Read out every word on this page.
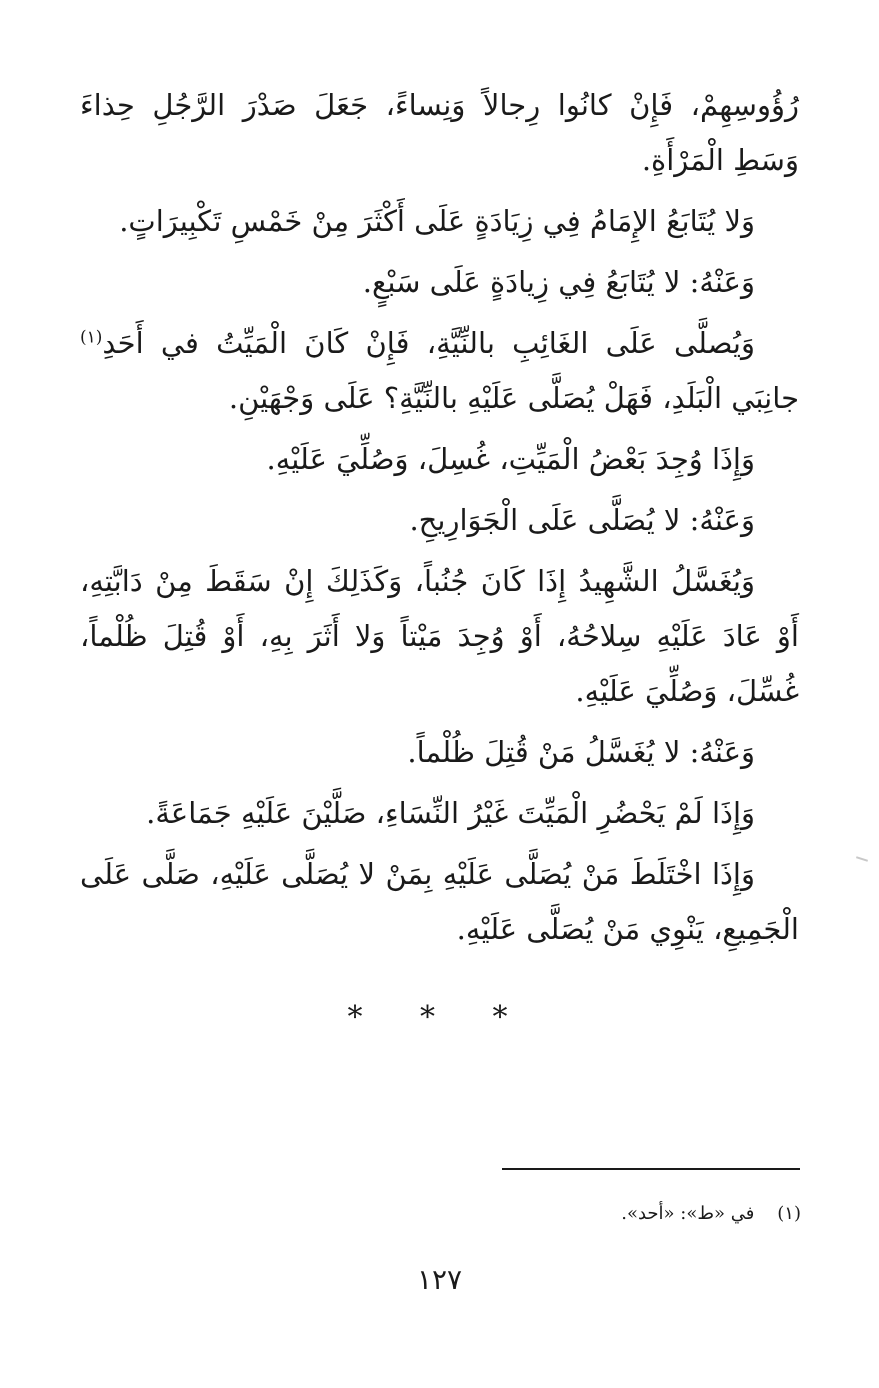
رُؤُوسِهِمْ، فَإِنْ كانُوا رِجالاً وَنِساءً، جَعَلَ صَدْرَ الرَّجُلِ حِذاءَ وَسَطِ الْمَرْأَةِ.

وَلا يُتَابَعُ الإِمَامُ فِي زِيَادَةٍ عَلَى أَكْثَرَ مِنْ خَمْسِ تَكْبِيرَاتٍ.

وَعَنْهُ: لا يُتَابَعُ فِي زِيادَةٍ عَلَى سَبْعٍ.

وَيُصلَّى عَلَى الغَائِبِ بالنِّيَّةِ، فَإِنْ كَانَ الْمَيِّتُ في أَحَدِ$^{(١)}$ جانِبَي الْبَلَدِ، فَهَلْ يُصَلَّى عَلَيْهِ بالنِّيَّةِ؟ عَلَى وَجْهَيْنِ.

وَإِذَا وُجِدَ بَعْضُ الْمَيِّتِ، غُسِلَ، وَصُلِّيَ عَلَيْهِ.

وَعَنْهُ: لا يُصَلَّى عَلَى الْجَوَارِيحِ.

وَيُغَسَّلُ الشَّهِيدُ إِذَا كَانَ جُنُباً، وَكَذَلِكَ إِنْ سَقَطَ مِنْ دَابَّتِهِ، أَوْ عَادَ عَلَيْهِ سِلاحُهُ، أَوْ وُجِدَ مَيْتاً وَلا أَثَرَ بِهِ، أَوْ قُتِلَ ظُلْماً، غُسِّلَ، وَصُلِّيَ عَلَيْهِ.

وَعَنْهُ: لا يُغَسَّلُ مَنْ قُتِلَ ظُلْماً.

وَإِذَا لَمْ يَحْضُرِ الْمَيِّتَ غَيْرُ النِّسَاءِ، صَلَّيْنَ عَلَيْهِ جَمَاعَةً.

وَإِذَا اخْتَلَطَ مَنْ يُصَلَّى عَلَيْهِ بِمَنْ لا يُصَلَّى عَلَيْهِ، صَلَّى عَلَى الْجَمِيعِ، يَنْوِي مَنْ يُصَلَّى عَلَيْهِ.

* * *
(١)    في «ط»: «أحد».
١٢٧
